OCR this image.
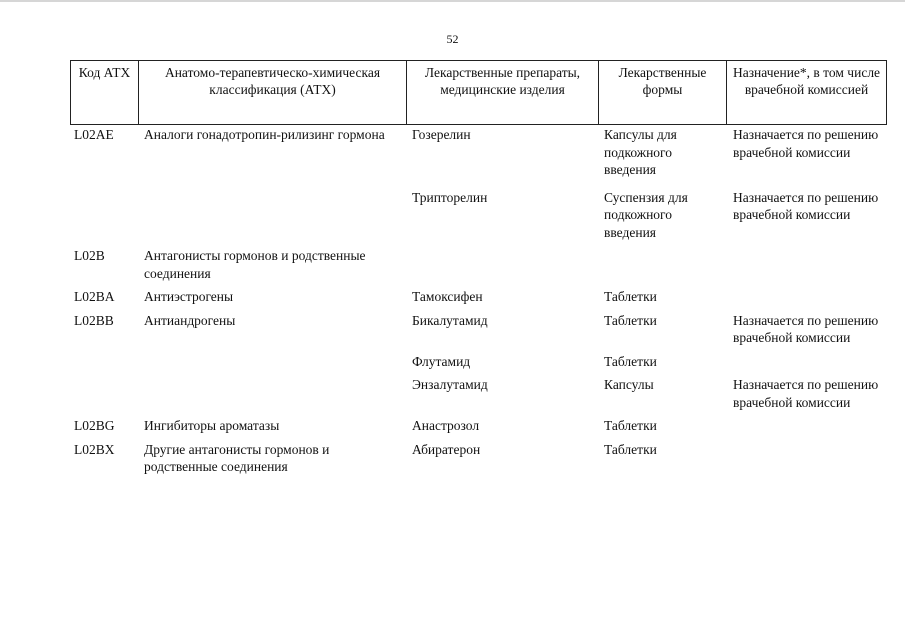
52
Код АТХ	Анатомо-терапевтическо-химическая классификация (АТХ)	Лекарственные препараты, медицинские изделия	Лекарственные формы	Назначение*, в том числе врачебной комиссией
L02AE	Аналоги гонадотропин-рилизинг гормона	Гозерелин	Капсулы для подкожного введения	Назначается по решению врачебной комиссии
		Трипторелин	Суспензия для подкожного введения	Назначается по решению врачебной комиссии
L02B	Антагонисты гормонов и родственные соединения			
L02BA	Антиэстрогены	Тамоксифен	Таблетки	
L02BB	Антиандрогены	Бикалутамид	Таблетки	Назначается по решению врачебной комиссии
		Флутамид	Таблетки	
		Энзалутамид	Капсулы	Назначается по решению врачебной комиссии
L02BG	Ингибиторы ароматазы	Анастрозол	Таблетки	
L02BX	Другие антагонисты гормонов и родственные соединения	Абиратерон	Таблетки	
